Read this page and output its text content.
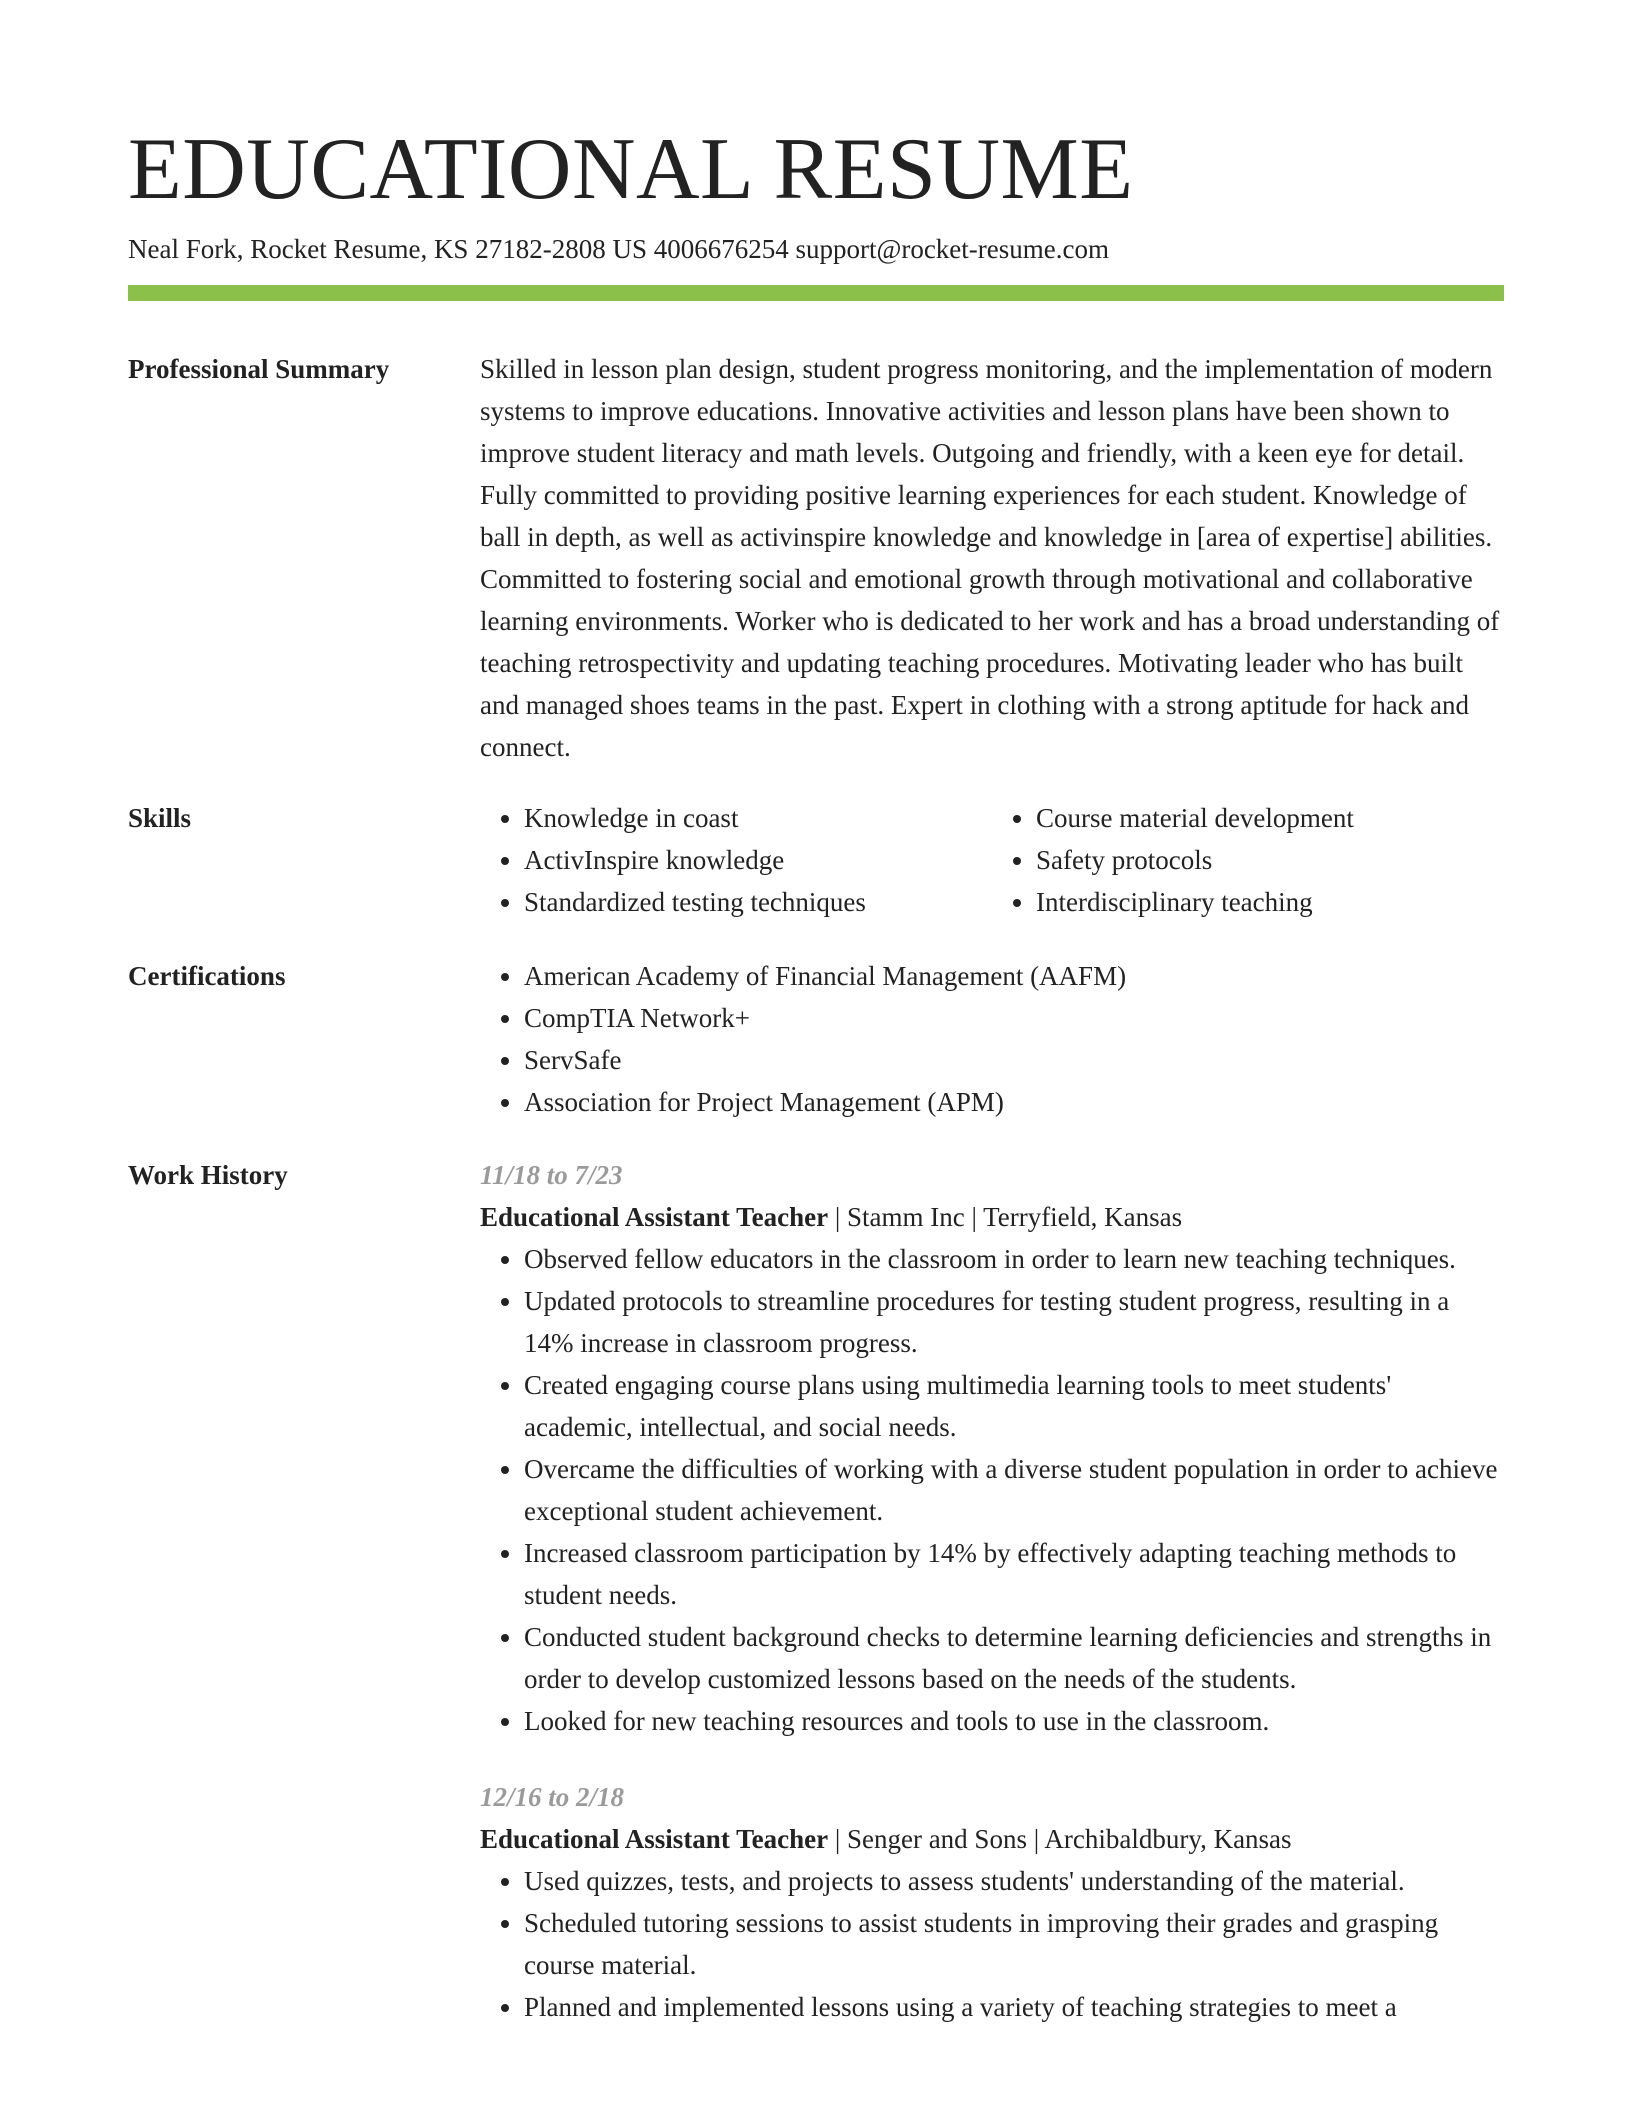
EDUCATIONAL RESUME
Neal Fork, Rocket Resume, KS 27182-2808 US 4006676254 support@rocket-resume.com
Professional Summary	Skilled in lesson plan design, student progress monitoring, and the implementation of modern systems to improve educations. Innovative activities and lesson plans have been shown to improve student literacy and math levels. Outgoing and friendly, with a keen eye for detail. Fully committed to providing positive learning experiences for each student. Knowledge of ball in depth, as well as activinspire knowledge and knowledge in [area of expertise] abilities. Committed to fostering social and emotional growth through motivational and collaborative learning environments. Worker who is dedicated to her work and has a broad understanding of teaching retrospectivity and updating teaching procedures. Motivating leader who has built and managed shoes teams in the past. Expert in clothing with a strong aptitude for hack and connect.

Skills	• Knowledge in coast
• ActivInspire knowledge
• Standardized testing techniques
• Course material development
• Safety protocols
• Interdisciplinary teaching
Certifications	• American Academy of Financial Management (AAFM)
• CompTIA Network+
• ServSafe
• Association for Project Management (APM)
Work History	11/18 to 7/23
Educational Assistant Teacher | Stamm Inc | Terryfield, Kansas
• Observed fellow educators in the classroom in order to learn new teaching techniques.
• Updated protocols to streamline procedures for testing student progress, resulting in a 14% increase in classroom progress.
• Created engaging course plans using multimedia learning tools to meet students' academic, intellectual, and social needs.
• Overcame the difficulties of working with a diverse student population in order to achieve exceptional student achievement.
• Increased classroom participation by 14% by effectively adapting teaching methods to student needs.
• Conducted student background checks to determine learning deficiencies and strengths in order to develop customized lessons based on the needs of the students.
• Looked for new teaching resources and tools to use in the classroom.
12/16 to 2/18
Educational Assistant Teacher | Senger and Sons | Archibaldbury, Kansas
• Used quizzes, tests, and projects to assess students' understanding of the material.
• Scheduled tutoring sessions to assist students in improving their grades and grasping course material.
• Planned and implemented lessons using a variety of teaching strategies to meet a
